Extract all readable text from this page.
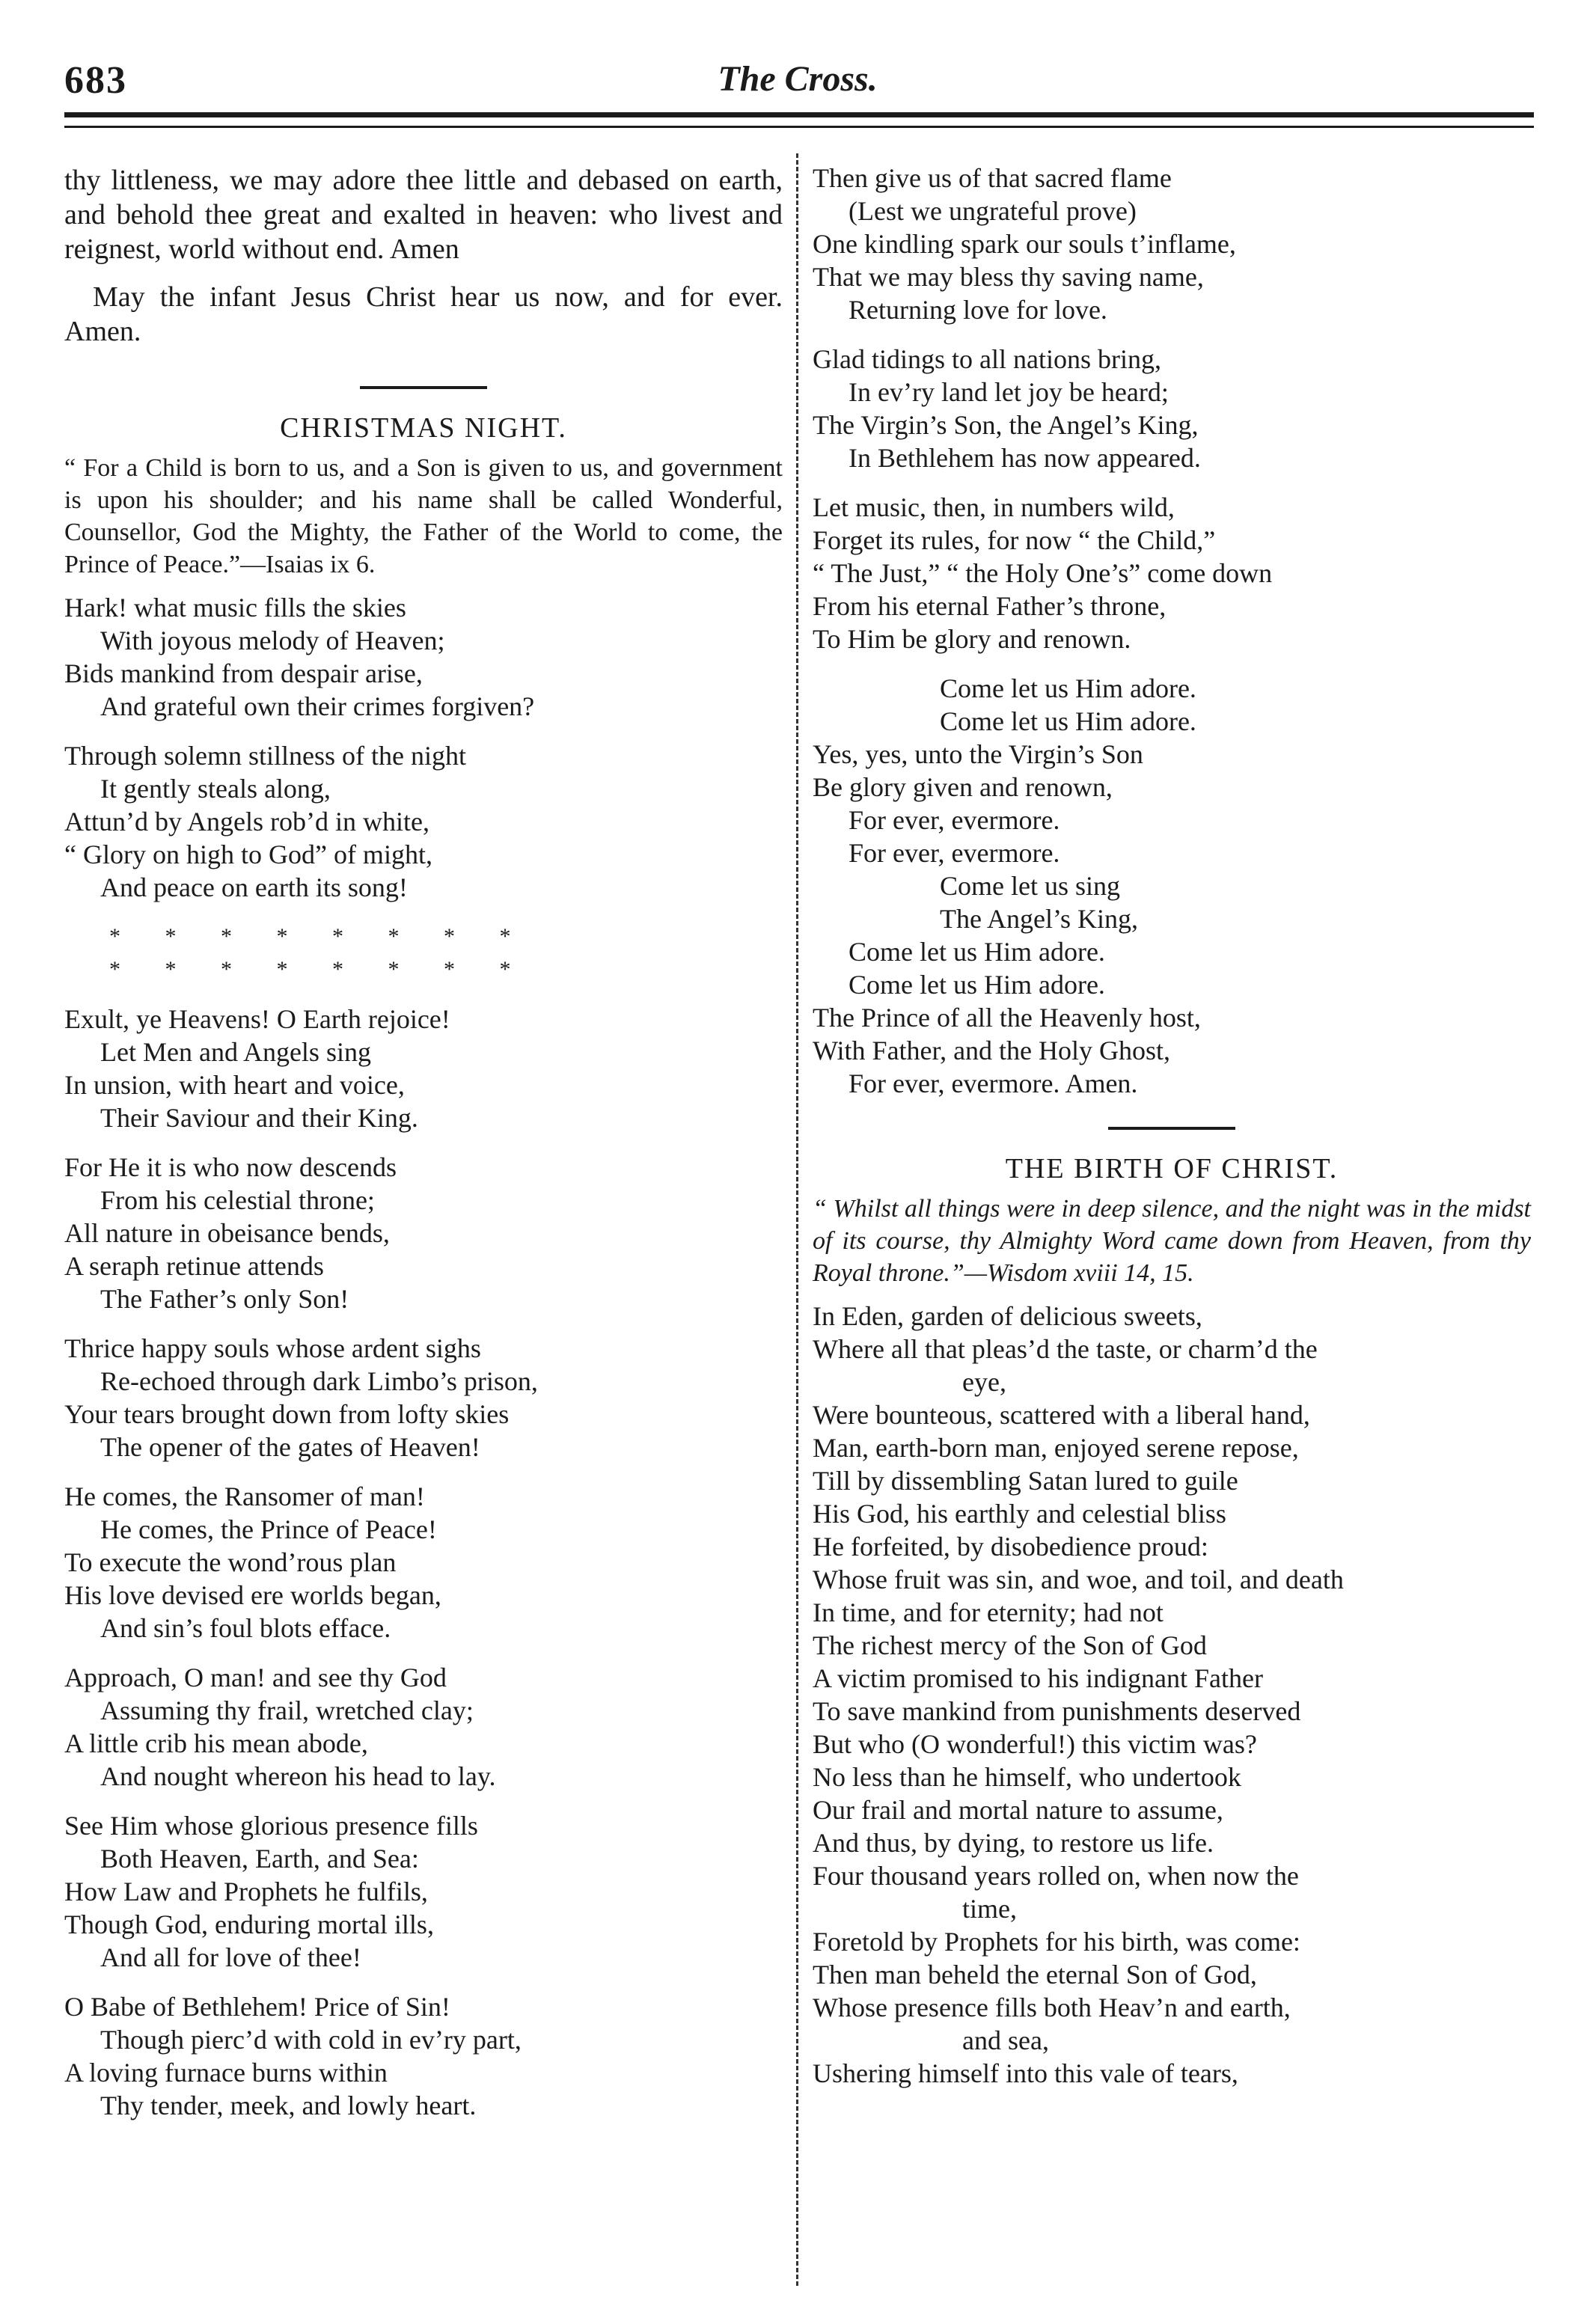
683	The Cross.

thy littleness, we may adore thee little and debased on earth, and behold thee great and exalted in heaven: who livest and reignest, world without end. Amen

May the infant Jesus Christ hear us now, and for ever. Amen.

CHRISTMAS NIGHT.

“ For a Child is born to us, and a Son is given to us, and government is upon his shoulder; and his name shall be called Wonderful, Counsellor, God the Mighty, the Father of the World to come, the Prince of Peace.”—Isaias ix 6.

Hark! what music fills the skies
With joyous melody of Heaven;
Bids mankind from despair arise,
And grateful own their crimes forgiven?
Through solemn stillness of the night
It gently steals along,
Attun’d by Angels rob’d in white,
“ Glory on high to God” of might,
And peace on earth its song!
* * * * * * * *
* * * * * * * *
Exult, ye Heavens! O Earth rejoice!
Let Men and Angels sing
In unsion, with heart and voice,
Their Saviour and their King.
For He it is who now descends
From his celestial throne;
All nature in obeisance bends,
A seraph retinue attends
The Father’s only Son!
Thrice happy souls whose ardent sighs
Re-echoed through dark Limbo’s prison,
Your tears brought down from lofty skies
The opener of the gates of Heaven!
He comes, the Ransomer of man!
He comes, the Prince of Peace!
To execute the wond’rous plan
His love devised ere worlds began,
And sin’s foul blots efface.
Approach, O man! and see thy God
Assuming thy frail, wretched clay;
A little crib his mean abode,
And nought whereon his head to lay.
See Him whose glorious presence fills
Both Heaven, Earth, and Sea:
How Law and Prophets he fulfils,
Though God, enduring mortal ills,
And all for love of thee!
O Babe of Bethlehem! Price of Sin!
Though pierc’d with cold in ev’ry part,
A loving furnace burns within
Thy tender, meek, and lowly heart.
Then give us of that sacred flame
(Lest we ungrateful prove)
One kindling spark our souls t’inflame,
That we may bless thy saving name,
Returning love for love.
Glad tidings to all nations bring,
In ev’ry land let joy be heard;
The Virgin’s Son, the Angel’s King,
In Bethlehem has now appeared.
Let music, then, in numbers wild,
Forget its rules, for now “ the Child,”
“ The Just,” “ the Holy One’s” come down
From his eternal Father’s throne,
To Him be glory and renown.
Come let us Him adore.
Come let us Him adore.
Yes, yes, unto the Virgin’s Son
Be glory given and renown,
For ever, evermore.
For ever, evermore.
Come let us sing
The Angel’s King,
Come let us Him adore.
Come let us Him adore.
The Prince of all the Heavenly host,
With Father, and the Holy Ghost,
For ever, evermore. Amen.
THE BIRTH OF CHRIST.

“ Whilst all things were in deep silence, and the night was in the midst of its course, thy Almighty Word came down from Heaven, from thy Royal throne.”—Wisdom xviii 14, 15.

In Eden, garden of delicious sweets,
Where all that pleas’d the taste, or charm’d the
eye,
Were bounteous, scattered with a liberal hand,
Man, earth-born man, enjoyed serene repose,
Till by dissembling Satan lured to guile
His God, his earthly and celestial bliss
He forfeited, by disobedience proud:
Whose fruit was sin, and woe, and toil, and death
In time, and for eternity; had not
The richest mercy of the Son of God
A victim promised to his indignant Father
To save mankind from punishments deserved
But who (O wonderful!) this victim was?
No less than he himself, who undertook
Our frail and mortal nature to assume,
And thus, by dying, to restore us life.
Four thousand years rolled on, when now the
time,
Foretold by Prophets for his birth, was come:
Then man beheld the eternal Son of God,
Whose presence fills both Heav’n and earth,
and sea,
Ushering himself into this vale of tears,
